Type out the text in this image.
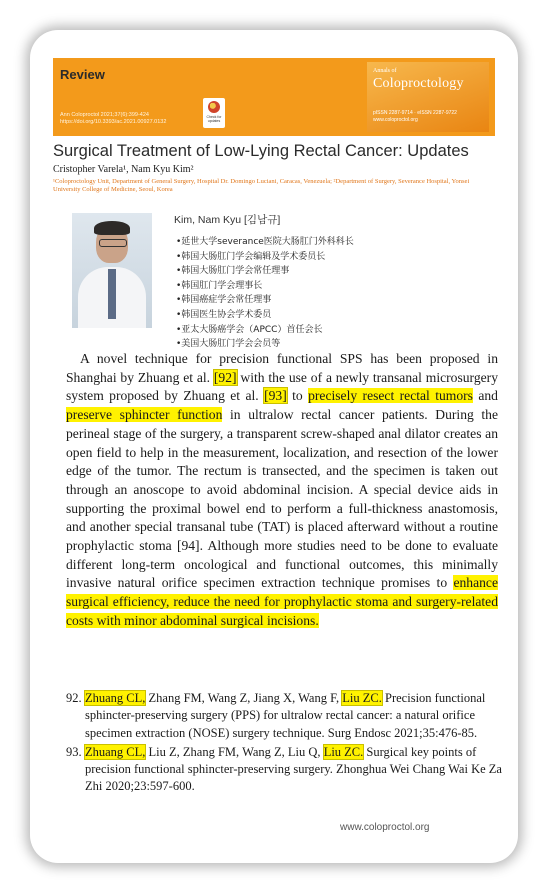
Review
Ann Coloproctol 2021;37(6):399-424
https://doi.org/10.3393/ac.2021.00927.0132
Check for updates
Annals of
Coloproctology
pISSN 2287-9714 · eISSN 2287-9722
www.coloproctol.org
Surgical Treatment of Low-Lying Rectal Cancer: Updates
Cristopher Varela¹, Nam Kyu Kim²
¹Coloproctology Unit, Department of General Surgery, Hospital Dr. Domingo Luciani, Caracas, Venezuela; ²Department of Surgery, Severance Hospital, Yonsei University College of Medicine, Seoul, Korea
Kim, Nam Kyu [김남규]
•延世大学severance医院大肠肛门外科科长
•韩国大肠肛门学会编辑及学术委员长
•韩国大肠肛门学会常任理事
•韩国肛门学会理事长
•韩国癌症学会常任理事
•韩国医生协会学术委员
•亚太大肠癌学会（APCC）首任会长
•美国大肠肛门学会会员等

A novel technique for precision functional SPS has been proposed in Shanghai by Zhuang et al. [92] with the use of a newly transanal microsurgery system proposed by Zhuang et al. [93] to precisely resect rectal tumors and preserve sphincter function in ultralow rectal cancer patients. During the perineal stage of the surgery, a transparent screw-shaped anal dilator creates an open field to help in the measurement, localization, and resection of the lower edge of the tumor. The rectum is transected, and the specimen is taken out through an anoscope to avoid abdominal incision. A special device aids in supporting the proximal bowel end to perform a full-thickness anastomosis, and another special transanal tube (TAT) is placed afterward without a routine prophylactic stoma [94]. Although more studies need to be done to evaluate different long-term oncological and functional outcomes, this minimally invasive natural orifice specimen extraction technique promises to enhance surgical efficiency, reduce the need for prophylactic stoma and surgery-related costs with minor abdominal surgical incisions.

92. Zhuang CL, Zhang FM, Wang Z, Jiang X, Wang F, Liu ZC. Precision functional sphincter-preserving surgery (PPS) for ultralow rectal cancer: a natural orifice specimen extraction (NOSE) surgery technique. Surg Endosc 2021;35:476-85.
93. Zhuang CL, Liu Z, Zhang FM, Wang Z, Liu Q, Liu ZC. Surgical key points of precision functional sphincter-preserving surgery. Zhonghua Wei Chang Wai Ke Za Zhi 2020;23:597-600.
www.coloproctol.org
